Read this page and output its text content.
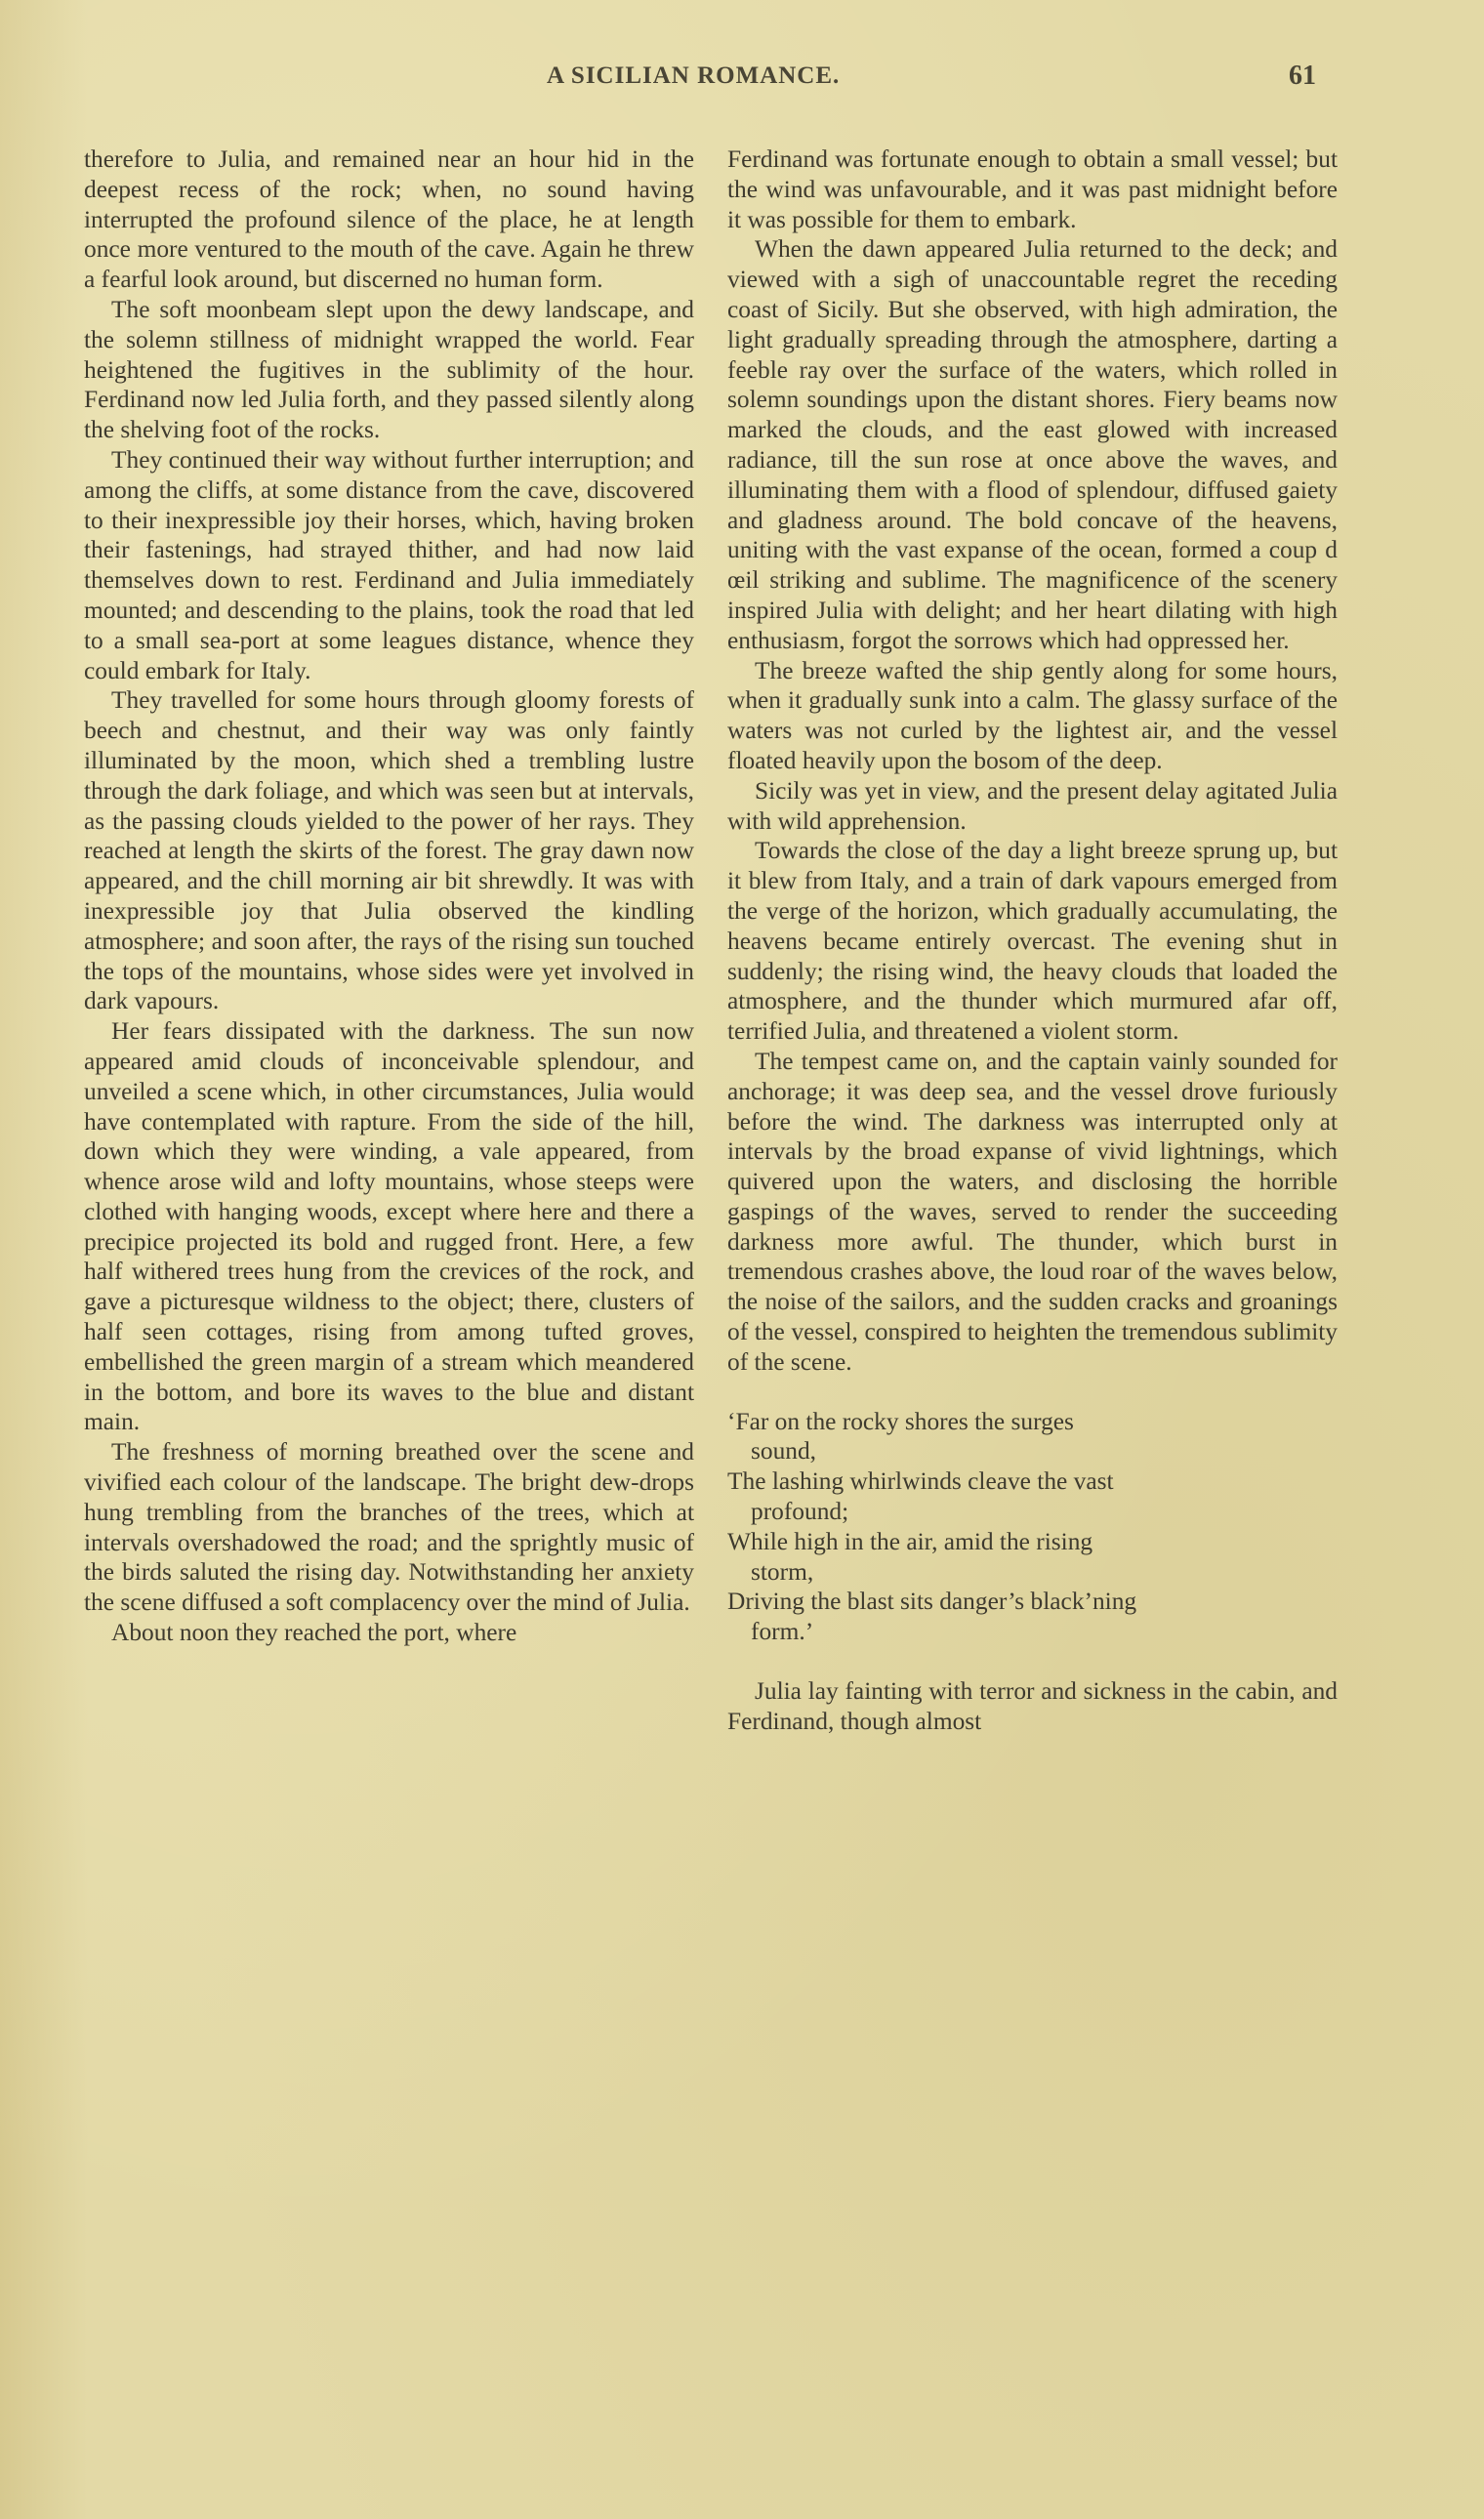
A SICILIAN ROMANCE.	61

therefore to Julia, and remained near an hour hid in the deepest recess of the rock; when, no sound having interrupted the profound silence of the place, he at length once more ventured to the mouth of the cave. Again he threw a fearful look around, but discerned no human form.

The soft moonbeam slept upon the dewy landscape, and the solemn stillness of midnight wrapped the world. Fear heightened the fugitives in the sublimity of the hour. Ferdinand now led Julia forth, and they passed silently along the shelving foot of the rocks.

They continued their way without further interruption; and among the cliffs, at some distance from the cave, discovered to their inexpressible joy their horses, which, having broken their fastenings, had strayed thither, and had now laid themselves down to rest. Ferdinand and Julia immediately mounted; and descending to the plains, took the road that led to a small sea-port at some leagues distance, whence they could embark for Italy.

They travelled for some hours through gloomy forests of beech and chestnut, and their way was only faintly illuminated by the moon, which shed a trembling lustre through the dark foliage, and which was seen but at intervals, as the passing clouds yielded to the power of her rays. They reached at length the skirts of the forest. The gray dawn now appeared, and the chill morning air bit shrewdly. It was with inexpressible joy that Julia observed the kindling atmosphere; and soon after, the rays of the rising sun touched the tops of the mountains, whose sides were yet involved in dark vapours.

Her fears dissipated with the darkness. The sun now appeared amid clouds of inconceivable splendour, and unveiled a scene which, in other circumstances, Julia would have contemplated with rapture. From the side of the hill, down which they were winding, a vale appeared, from whence arose wild and lofty mountains, whose steeps were clothed with hanging woods, except where here and there a precipice projected its bold and rugged front. Here, a few half withered trees hung from the crevices of the rock, and gave a picturesque wildness to the object; there, clusters of half seen cottages, rising from among tufted groves, embellished the green margin of a stream which meandered in the bottom, and bore its waves to the blue and distant main.

The freshness of morning breathed over the scene and vivified each colour of the landscape. The bright dew-drops hung trembling from the branches of the trees, which at intervals overshadowed the road; and the sprightly music of the birds saluted the rising day. Notwithstanding her anxiety the scene diffused a soft complacency over the mind of Julia.

About noon they reached the port, where

Ferdinand was fortunate enough to obtain a small vessel; but the wind was unfavourable, and it was past midnight before it was possible for them to embark.

When the dawn appeared Julia returned to the deck; and viewed with a sigh of unaccountable regret the receding coast of Sicily. But she observed, with high admiration, the light gradually spreading through the atmosphere, darting a feeble ray over the surface of the waters, which rolled in solemn soundings upon the distant shores. Fiery beams now marked the clouds, and the east glowed with increased radiance, till the sun rose at once above the waves, and illuminating them with a flood of splendour, diffused gaiety and gladness around. The bold concave of the heavens, uniting with the vast expanse of the ocean, formed a coup d œil striking and sublime. The magnificence of the scenery inspired Julia with delight; and her heart dilating with high enthusiasm, forgot the sorrows which had oppressed her.

The breeze wafted the ship gently along for some hours, when it gradually sunk into a calm. The glassy surface of the waters was not curled by the lightest air, and the vessel floated heavily upon the bosom of the deep.

Sicily was yet in view, and the present delay agitated Julia with wild apprehension.

Towards the close of the day a light breeze sprung up, but it blew from Italy, and a train of dark vapours emerged from the verge of the horizon, which gradually accumulating, the heavens became entirely overcast. The evening shut in suddenly; the rising wind, the heavy clouds that loaded the atmosphere, and the thunder which murmured afar off, terrified Julia, and threatened a violent storm.

The tempest came on, and the captain vainly sounded for anchorage; it was deep sea, and the vessel drove furiously before the wind. The darkness was interrupted only at intervals by the broad expanse of vivid lightnings, which quivered upon the waters, and disclosing the horrible gaspings of the waves, served to render the succeeding darkness more awful. The thunder, which burst in tremendous crashes above, the loud roar of the waves below, the noise of the sailors, and the sudden cracks and groanings of the vessel, conspired to heighten the tremendous sublimity of the scene.

‘Far on the rocky shores the surges
sound,
The lashing whirlwinds cleave the vast
profound;
While high in the air, amid the rising
storm,
Driving the blast sits danger’s black’ning
form.’

Julia lay fainting with terror and sickness in the cabin, and Ferdinand, though almost
